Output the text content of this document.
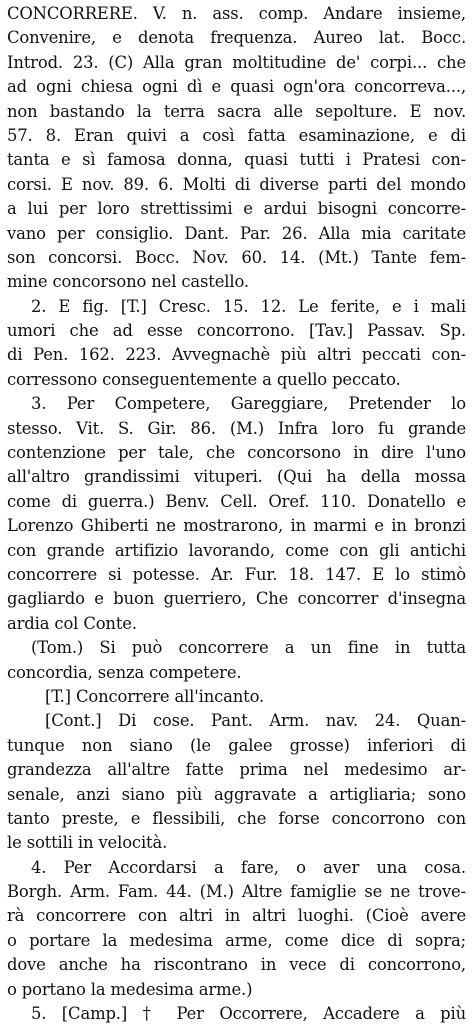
CONCORRERE. V. n. ass. comp. Andare insieme,
Convenire, e denota frequenza. Aureo lat. Bocc.
Introd. 23. (C) Alla gran moltitudine de' corpi... che
ad ogni chiesa ogni dì e quasi ogn'ora concorreva...,
non bastando la terra sacra alle sepolture. E nov.
57. 8. Eran quivi a così fatta esaminazione, e di
tanta e sì famosa donna, quasi tutti i Pratesi con-
corsi. E nov. 89. 6. Molti di diverse parti del mondo
a lui per loro strettissimi e ardui bisogni concorre-
vano per consiglio. Dant. Par. 26. Alla mia caritate
son concorsi. Bocc. Nov. 60. 14. (Mt.) Tante fem-
mine concorsono nel castello.
2. E fig. [T.] Cresc. 15. 12. Le ferite, e i mali
umori che ad esse concorrono. [Tav.] Passav. Sp.
di Pen. 162. 223. Avvegnachè più altri peccati con-
corressono conseguentemente a quello peccato.
3. Per Competere, Gareggiare, Pretender lo
stesso. Vit. S. Gir. 86. (M.) Infra loro fu grande
contenzione per tale, che concorsono in dire l'uno
all'altro grandissimi vituperi. (Qui ha della mossa
come di guerra.) Benv. Cell. Oref. 110. Donatello e
Lorenzo Ghiberti ne mostrarono, in marmi e in bronzi
con grande artifizio lavorando, come con gli antichi
concorrere si potesse. Ar. Fur. 18. 147. E lo stimò
gagliardo e buon guerriero, Che concorrer d'insegna
ardia col Conte.
(Tom.) Si può concorrere a un fine in tutta
concordia, senza competere.
[T.] Concorrere all'incanto.
[Cont.] Di cose. Pant. Arm. nav. 24. Quan-
tunque non siano (le galee grosse) inferiori di
grandezza all'altre fatte prima nel medesimo ar-
senale, anzi siano più aggravate a artigliaria; sono
tanto preste, e flessibili, che forse concorrono con
le sottili in velocità.
4. Per Accordarsi a fare, o aver una cosa.
Borgh. Arm. Fam. 44. (M.) Altre famiglie se ne trove-
rà concorrere con altri in altri luoghi. (Cioè avere
o portare la medesima arme, come dice di sopra;
dove anche ha riscontrano in vece di concorrono,
o portano la medesima arme.)
5. [Camp.] † Per Occorrere, Accadere a più
